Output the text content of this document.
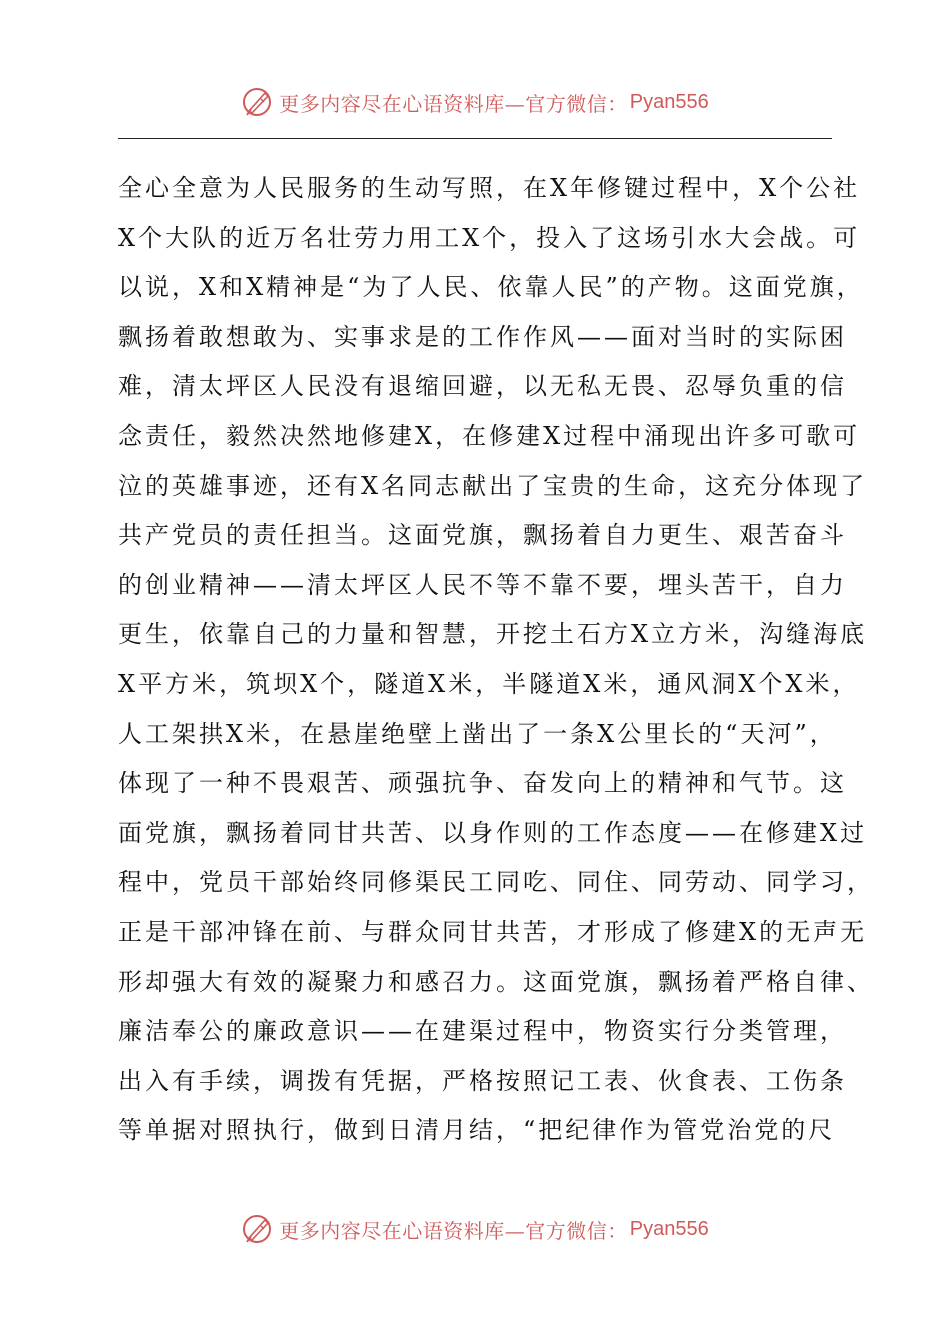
更多内容尽在心语资料库—官方微信： Pyan556
全心全意为人民服务的生动写照，在X年修键过程中，X个公社
X个大队的近万名壮劳力用工X个，投入了这场引水大会战。可
以说，X和X精神是“为了人民、依靠人民”的产物。这面党旗，
飘扬着敢想敢为、实事求是的工作作风——面对当时的实际困
难，清太坪区人民没有退缩回避，以无私无畏、忍辱负重的信
念责任，毅然决然地修建X，在修建X过程中涌现出许多可歌可
泣的英雄事迹，还有X名同志献出了宝贵的生命，这充分体现了
共产党员的责任担当。这面党旗，飘扬着自力更生、艰苦奋斗
的创业精神——清太坪区人民不等不靠不要，埋头苦干，自力
更生，依靠自己的力量和智慧，开挖土石方X立方米，沟缝海底
X平方米，筑坝X个，隧道X米，半隧道X米，通风洞X个X米，
人工架拱X米，在悬崖绝壁上凿出了一条X公里长的“天河”，
体现了一种不畏艰苦、顽强抗争、奋发向上的精神和气节。这
面党旗，飘扬着同甘共苦、以身作则的工作态度——在修建X过
程中，党员干部始终同修渠民工同吃、同住、同劳动、同学习，
正是干部冲锋在前、与群众同甘共苦，才形成了修建X的无声无
形却强大有效的凝聚力和感召力。这面党旗，飘扬着严格自律、
廉洁奉公的廉政意识——在建渠过程中，物资实行分类管理，
出入有手续，调拨有凭据，严格按照记工表、伙食表、工伤条
等单据对照执行，做到日清月结，“把纪律作为管党治党的尺
更多内容尽在心语资料库—官方微信： Pyan556
